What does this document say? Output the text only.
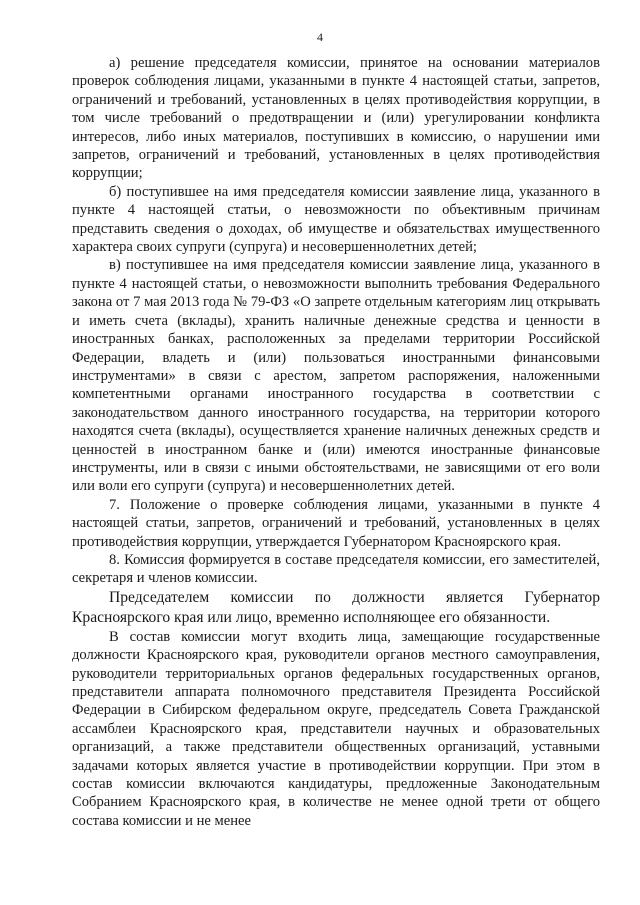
4

а) решение председателя комиссии, принятое на основании материалов проверок соблюдения лицами, указанными в пункте 4 настоящей статьи, запретов, ограничений и требований, установленных в целях противодействия коррупции, в том числе требований о предотвращении и (или) урегулировании конфликта интересов, либо иных материалов, поступивших в комиссию, о нарушении ими запретов, ограничений и требований, установленных в целях противодействия коррупции;

б) поступившее на имя председателя комиссии заявление лица, указанного в пункте 4 настоящей статьи, о невозможности по объективным причинам представить сведения о доходах, об имуществе и обязательствах имущественного характера своих супруги (супруга) и несовершеннолетних детей;

в) поступившее на имя председателя комиссии заявление лица, указанного в пункте 4 настоящей статьи, о невозможности выполнить требования Федерального закона от 7 мая 2013 года № 79-ФЗ «О запрете отдельным категориям лиц открывать и иметь счета (вклады), хранить наличные денежные средства и ценности в иностранных банках, расположенных за пределами территории Российской Федерации, владеть и (или) пользоваться иностранными финансовыми инструментами» в связи с арестом, запретом распоряжения, наложенными компетентными органами иностранного государства в соответствии с законодательством данного иностранного государства, на территории которого находятся счета (вклады), осуществляется хранение наличных денежных средств и ценностей в иностранном банке и (или) имеются иностранные финансовые инструменты, или в связи с иными обстоятельствами, не зависящими от его воли или воли его супруги (супруга) и несовершеннолетних детей.

7. Положение о проверке соблюдения лицами, указанными в пункте 4 настоящей статьи, запретов, ограничений и требований, установленных в целях противодействия коррупции, утверждается Губернатором Красноярского края.

8. Комиссия формируется в составе председателя комиссии, его заместителей, секретаря и членов комиссии.

Председателем комиссии по должности является Губернатор Красноярского края или лицо, временно исполняющее его обязанности.

В состав комиссии могут входить лица, замещающие государственные должности Красноярского края, руководители органов местного самоуправления, руководители территориальных органов федеральных государственных органов, представители аппарата полномочного представителя Президента Российской Федерации в Сибирском федеральном округе, председатель Совета Гражданской ассамблеи Красноярского края, представители научных и образовательных организаций, а также представители общественных организаций, уставными задачами которых является участие в противодействии коррупции. При этом в состав комиссии включаются кандидатуры, предложенные Законодательным Собранием Красноярского края, в количестве не менее одной трети от общего состава комиссии и не менее
